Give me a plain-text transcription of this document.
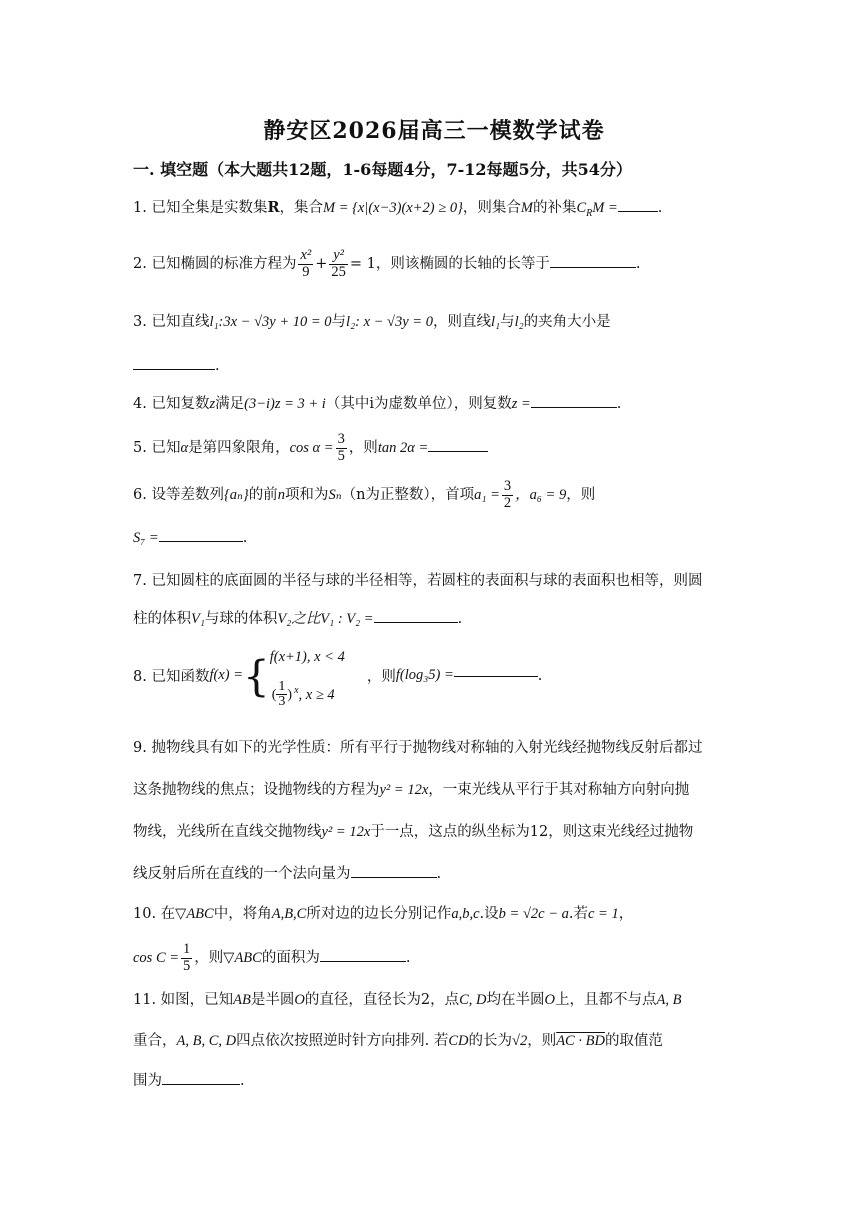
静安区2026届高三一模数学试卷
一. 填空题（本大题共12题，1-6每题4分，7-12每题5分，共54分）
1. 已知全集是实数集R，集合M = {x|(x−3)(x+2) ≥ 0}，则集合M的补集$C_RM$ =	.
2. 已知椭圆的标准方程为 $\frac{\text{x²}}{9} + \frac{\text{y²}}{25} = 1$，则该椭圆的长轴的长等于	.
3. 已知直线l₁:3x − √3y + 10 = 0与l₂: x − √3y = 0，则直线l₁与l₂的夹角大小是
.
4. 已知复数z满足(3−i)z = 3 + i（其中i为虚数单位），则复数z =	.
5. 已知α是第四象限角，$\cos \alpha = \frac{3}{5}$ ，则tan 2α =
6. 设等差数列{aₙ}的前n项和为Sₙ（n为正整数），首项$a_1 = \frac{3}{2}$ ，a₆ = 9，则
S₇ =	.
7. 已知圆柱的底面圆的半径与球的半径相等，若圆柱的表面积与球的表面积也相等，则圆
柱的体积V₁与球的体积V₂之比V₁ : V₂ =	.
8. 已知函数f(x) ={ f(x+1), x < 4
( $\frac{1}{3}$ ) $^x$, x ≥ 4
，则f(log₃5) =	.
9. 抛物线具有如下的光学性质：所有平行于抛物线对称轴的入射光线经抛物线反射后都过
这条抛物线的焦点；设抛物线的方程为y² = 12x，一束光线从平行于其对称轴方向射向抛
物线，光线所在直线交抛物线y² = 12x于一点，这点的纵坐标为12，则这束光线经过抛物
线反射后所在直线的一个法向量为	.
10. 在▽ABC中，将角A,B,C所对边的边长分别记作a,b,c.设b = √2c − a.若c = 1，
$\cos C = \frac{1}{5}$ ，则▽ABC的面积为	.
11. 如图，已知AB是半圆O的直径，直径长为2，点C, D均在半圆O上，且都不与点A, B
重合，A, B, C, D四点依次按照逆时针方向排列. 若CD的长为√2，则AC · BD的取值范
围为	.
